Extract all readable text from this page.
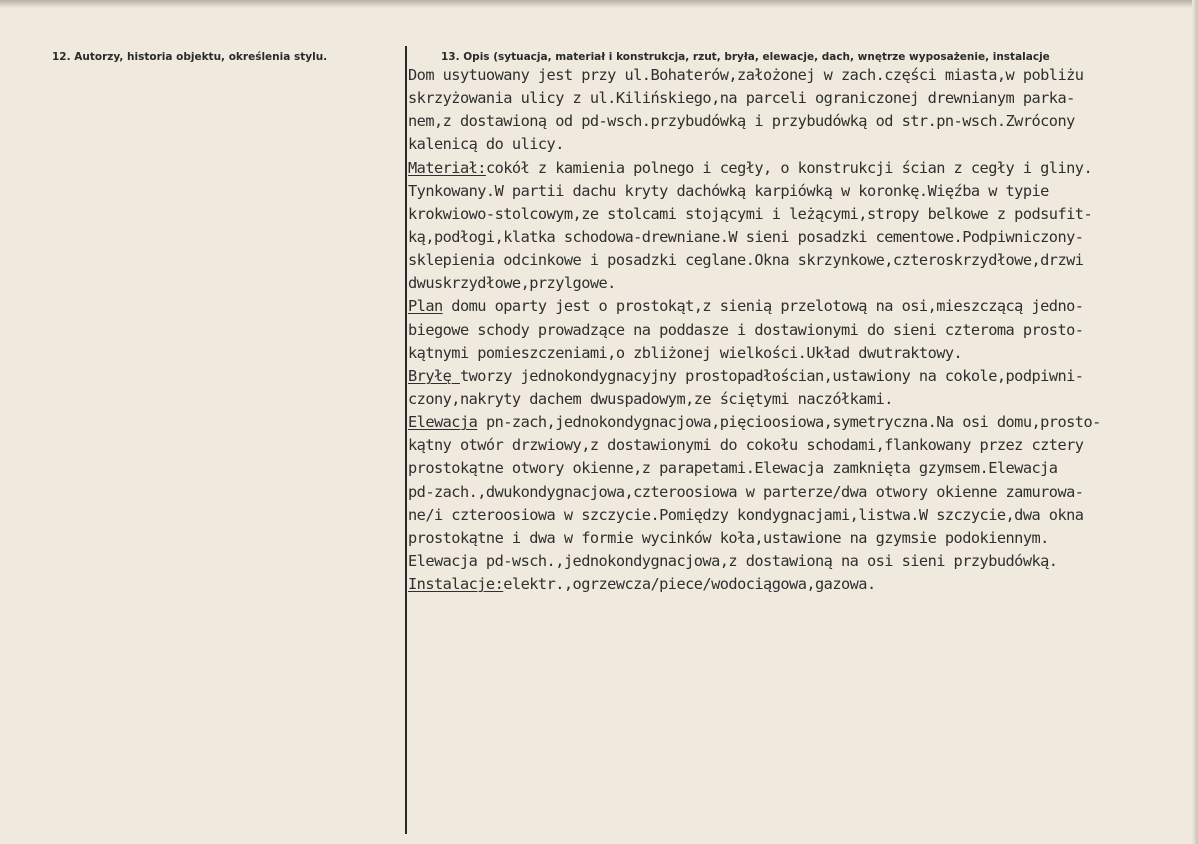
12. Autorzy, historia objektu, określenia stylu.	13. Opis (sytuacja, materiał i konstrukcja, rzut, bryła, elewacje, dach, wnętrze wyposażenie, instalacje
Dom usytuowany jest przy ul.Bohaterów,założonej w zach.części miasta,w pobliżu
skrzyżowania ulicy z ul.Kilińskiego,na parceli ograniczonej drewnianym parka-
nem,z dostawioną od pd-wsch.przybudówką i przybudówką od str.pn-wsch.Zwrócony
kalenicą do ulicy.
Materiał:cokół z kamienia polnego i cegły, o konstrukcji ścian z cegły i gliny.
Tynkowany.W partii dachu kryty dachówką karpiówką w koronkę.Więźba w typie
krokwiowo-stolcowym,ze stolcami stojącymi i leżącymi,stropy belkowe z podsufit-
ką,podłogi,klatka schodowa-drewniane.W sieni posadzki cementowe.Podpiwniczony-
sklepienia odcinkowe i posadzki ceglane.Okna skrzynkowe,czteroskrzydłowe,drzwi
dwuskrzydłowe,przylgowe.
Plan domu oparty jest o prostokąt,z sienią przelotową na osi,mieszczącą jedno-
biegowe schody prowadzące na poddasze i dostawionymi do sieni czteroma prosto-
kątnymi pomieszczeniami,o zbliżonej wielkości.Układ dwutraktowy.
Bryłę tworzy jednokondygnacyjny prostopadłościan,ustawiony na cokole,podpiwni-
czony,nakryty dachem dwuspadowym,ze ściętymi naczółkami.
Elewacja pn-zach,jednokondygnacjowa,pięcioosiowa,symetryczna.Na osi domu,prosto-
kątny otwór drzwiowy,z dostawionymi do cokołu schodami,flankowany przez cztery
prostokątne otwory okienne,z parapetami.Elewacja zamknięta gzymsem.Elewacja
pd-zach.,dwukondygnacjowa,czteroosiowa w parterze/dwa otwory okienne zamurowa-
ne/i czteroosiowa w szczycie.Pomiędzy kondygnacjami,listwa.W szczycie,dwa okna
prostokątne i dwa w formie wycinków koła,ustawione na gzymsie podokiennym.
Elewacja pd-wsch.,jednokondygnacjowa,z dostawioną na osi sieni przybudówką.
Instalacje:elektr.,ogrzewcza/piece/wodociągowa,gazowa.
